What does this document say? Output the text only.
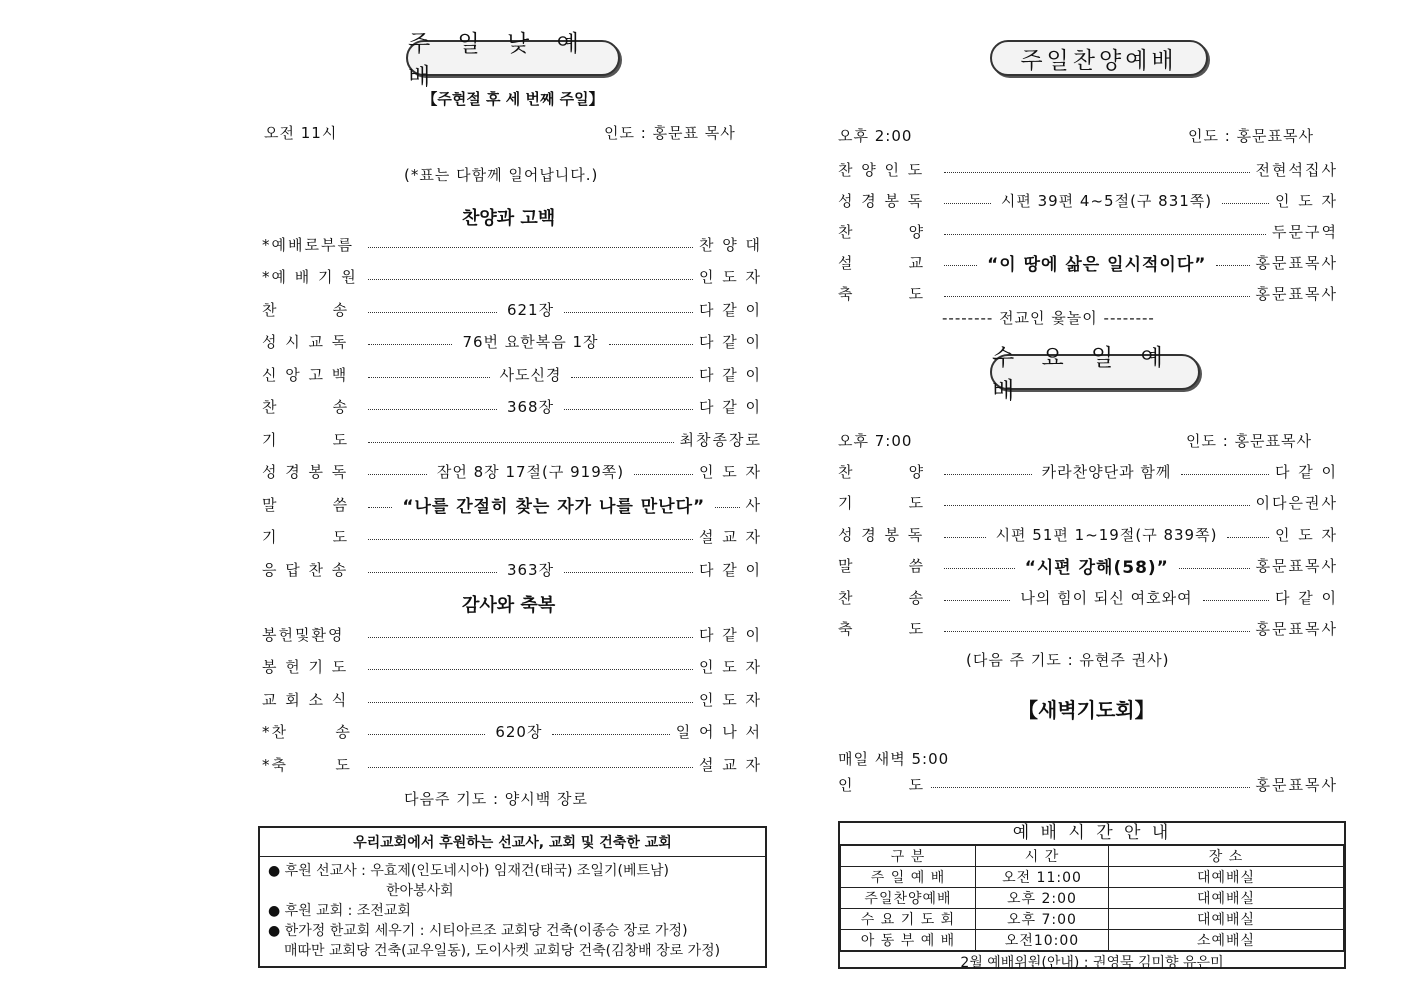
주 일 낮 예 배
【주현절 후 세 번째 주일】
오전 11시	인도 : 홍문표 목사
(*표는 다함께 일어납니다.)
찬양과 고백
*예배로부름	찬 양 대
*예 배 기 원	인 도 자
찬        송	621장	다 같 이
성 시 교 독	76번 요한복음 1장	다 같 이
신 앙 고 백	사도신경	다 같 이
찬        송	368장	다 같 이
기        도	최창종장로
성 경 봉 독	잠언 8장 17절(구 919쪽)	인 도 자
말        씀	“나를 간절히 찾는 자가 나를 만난다”	사
기        도	설 교 자
응 답 찬 송	363장	다 같 이
감사와 축복
봉헌및환영	다 같 이
봉 헌 기 도	인 도 자
교 회 소 식	인 도 자
*찬       송	620장	일 어 나 서
*축       도	설 교 자
다음주 기도 : 양시백 장로
우리교회에서 후원하는 선교사, 교회 및 건축한 교회
● 후원 선교사 : 우효제(인도네시아) 임재건(태국) 조일기(베트남)
한아봉사회
● 후원 교회 : 조전교회
● 한가정 한교회 세우기 : 시티아르조 교회당 건축(이종승 장로 가정)
매따만 교회당 건축(교우일동), 도이사켓 교회당 건축(김창배 장로 가정)
주일찬양예배
오후 2:00	인도 : 홍문표목사
찬 양 인 도	전현석집사
성 경 봉 독	시편 39편 4~5절(구 831쪽)	인 도 자
찬        양	두문구역
설        교	“이 땅에 삶은 일시적이다”	홍문표목사
축        도	홍문표목사
-------- 전교인 윷놀이 --------
수 요 일 예 배
오후 7:00	인도 : 홍문표목사
찬        양	카라찬양단과 함께	다 같 이
기        도	이다은권사
성 경 봉 독	시편 51편 1~19절(구 839쪽)	인 도 자
말        씀	“시편 강해(58)”	홍문표목사
찬        송	나의 힘이 되신 여호와여	다 같 이
축        도	홍문표목사
(다음 주 기도 : 유현주 권사)
【새벽기도회】
매일 새벽 5:00
인        도	홍문표목사
예 배 시 간 안 내
구 분	시 간	장 소
주 일 예 배	오전 11:00	대예배실
주일찬양예배	오후 2:00	대예배실
수 요 기 도 회	오후 7:00	대예배실
아 동 부 예 배	오전10:00	소예배실
2월 예배위원(안내) : 권영묵 김미향 유은미
